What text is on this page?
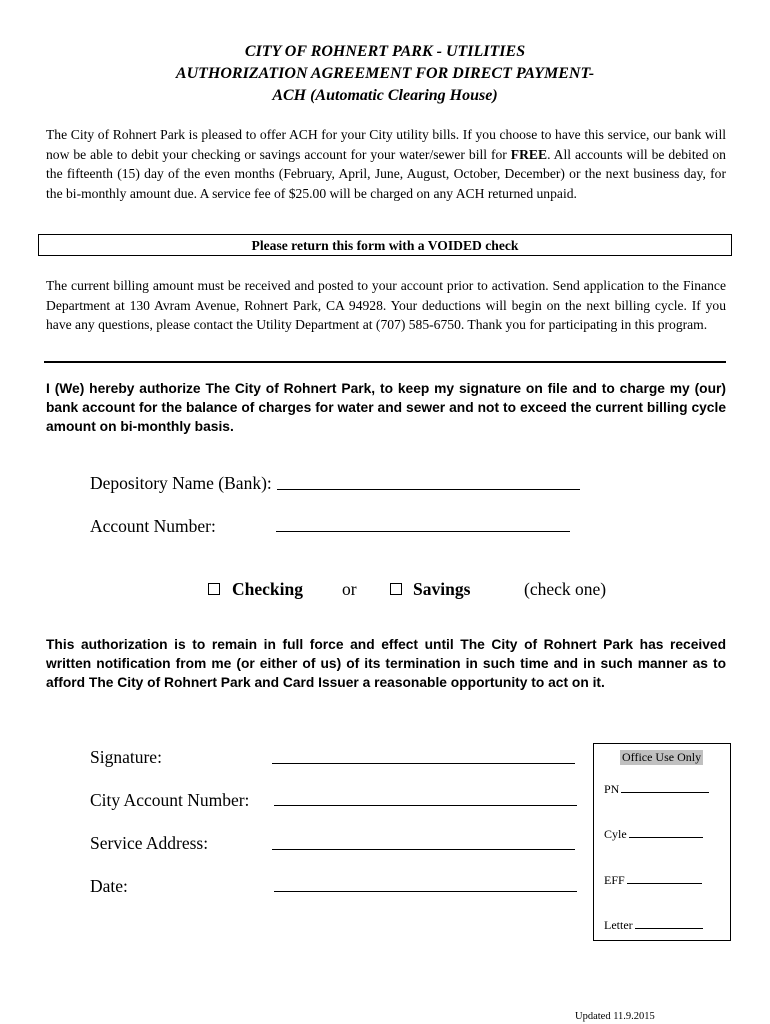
CITY OF ROHNERT PARK - UTILITIES
AUTHORIZATION AGREEMENT FOR DIRECT PAYMENT-
ACH (Automatic Clearing House)
The City of Rohnert Park is pleased to offer ACH for your City utility bills. If you choose to have this service, our bank will now be able to debit your checking or savings account for your water/sewer bill for FREE. All accounts will be debited on the fifteenth (15) day of the even months (February, April, June, August, October, December) or the next business day, for the bi-monthly amount due. A service fee of $25.00 will be charged on any ACH returned unpaid.
Please return this form with a VOIDED check
The current billing amount must be received and posted to your account prior to activation. Send application to the Finance Department at 130 Avram Avenue, Rohnert Park, CA 94928. Your deductions will begin on the next billing cycle. If you have any questions, please contact the Utility Department at (707) 585-6750. Thank you for participating in this program.
I (We) hereby authorize The City of Rohnert Park, to keep my signature on file and to charge my (our) bank account for the balance of charges for water and sewer and not to exceed the current billing cycle amount on bi-monthly basis.
Depository Name (Bank):
Account Number:
Checking or	Savings	(check one)
This authorization is to remain in full force and effect until The City of Rohnert Park has received written notification from me (or either of us) of its termination in such time and in such manner as to afford The City of Rohnert Park and Card Issuer a reasonable opportunity to act on it.
Signature:
City Account Number:
Service Address:
Date:
Office Use Only
PN
Cyle
EFF
Letter
Updated 11.9.2015
